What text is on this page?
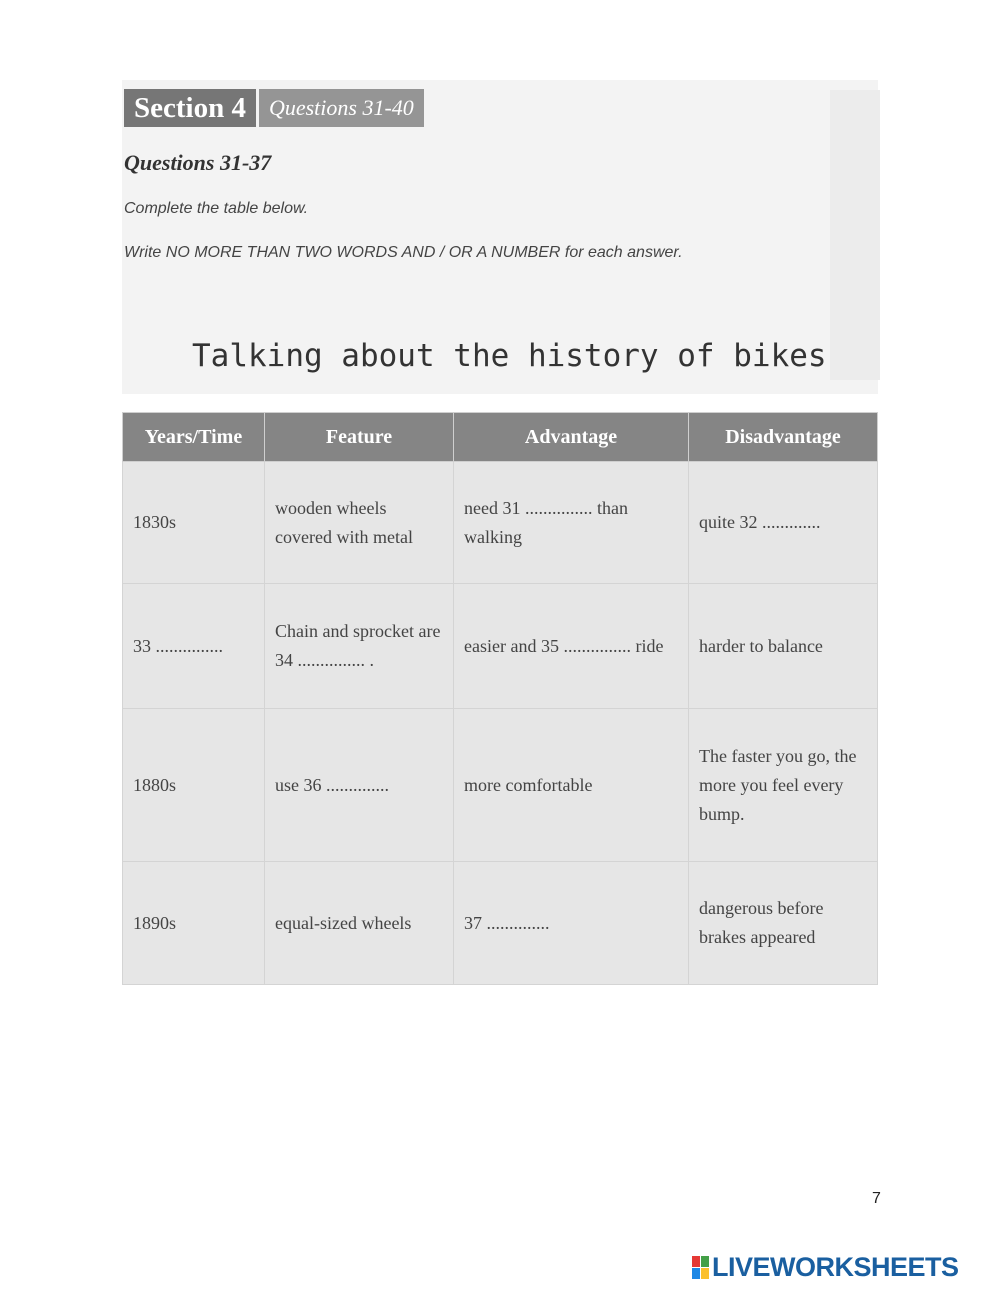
Section 4	Questions 31-40
Questions 31-37
Complete the table below.
Write NO MORE THAN TWO WORDS AND / OR A NUMBER for each answer.
Talking about the history of bikes
Years/Time	Feature	Advantage	Disadvantage
1830s	wooden wheels covered with metal	need 31 ............... than walking	quite 32 .............
33 ...............	Chain and sprocket are 34 ............... .	easier and 35 ............... ride	harder to balance
1880s	use 36 ..............	more comfortable	The faster you go, the more you feel every bump.
1890s	equal-sized wheels	37 ..............	dangerous before brakes appeared
7
LIVEWORKSHEETS
